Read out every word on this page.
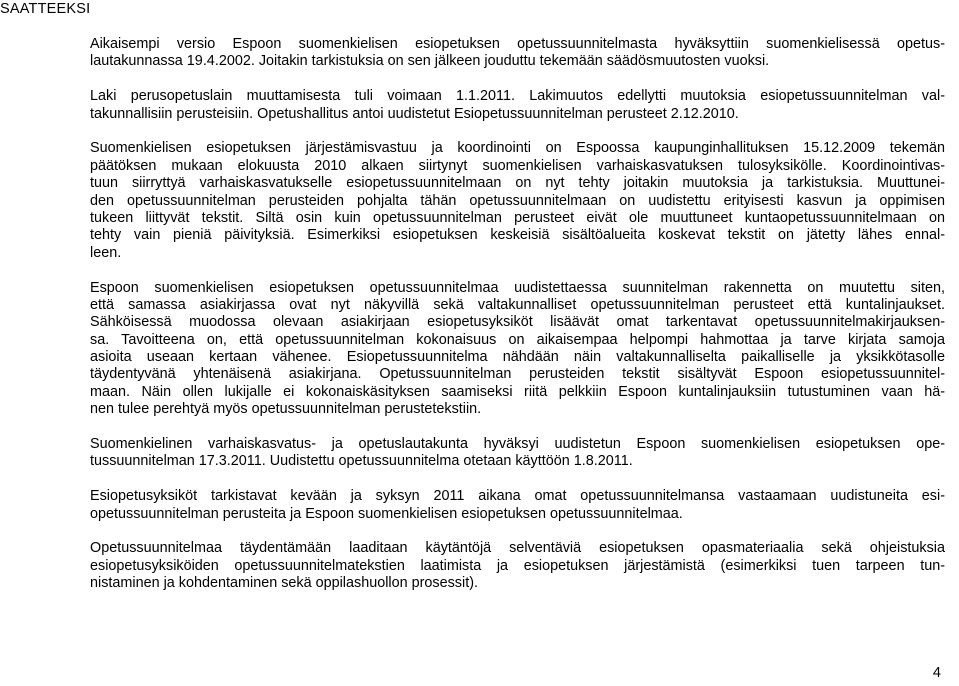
SAATTEEKSI

Aikaisempi versio Espoon suomenkielisen esiopetuksen opetussuunnitelmasta hyväksyttiin suomenkielisessä opetus-
lautakunnassa 19.4.2002. Joitakin tarkistuksia on sen jälkeen jouduttu tekemään säädösmuutosten vuoksi.

Laki perusopetuslain muuttamisesta tuli voimaan 1.1.2011. Lakimuutos edellytti muutoksia esiopetussuunnitelman val-
takunnallisiin perusteisiin. Opetushallitus antoi uudistetut Esiopetussuunnitelman perusteet 2.12.2010.

Suomenkielisen esiopetuksen järjestämisvastuu ja koordinointi on Espoossa kaupunginhallituksen 15.12.2009 tekemän
päätöksen mukaan elokuusta 2010 alkaen siirtynyt suomenkielisen varhaiskasvatuksen tulosyksikölle. Koordinointivas-
tuun siirryttyä varhaiskasvatukselle esiopetussuunnitelmaan on nyt tehty joitakin muutoksia ja tarkistuksia. Muuttunei-
den opetussuunnitelman perusteiden pohjalta tähän opetussuunnitelmaan on uudistettu erityisesti kasvun ja oppimisen
tukeen liittyvät tekstit. Siltä osin kuin opetussuunnitelman perusteet eivät ole muuttuneet kuntaopetussuunnitelmaan on
tehty vain pieniä päivityksiä. Esimerkiksi esiopetuksen keskeisiä sisältöalueita koskevat tekstit on jätetty lähes ennal-
leen.

Espoon suomenkielisen esiopetuksen opetussuunnitelmaa uudistettaessa suunnitelman rakennetta on muutettu siten,
että samassa asiakirjassa ovat nyt näkyvillä sekä valtakunnalliset opetussuunnitelman perusteet että kuntalinjaukset.
Sähköisessä muodossa olevaan asiakirjaan esiopetusyksiköt lisäävät omat tarkentavat opetussuunnitelmakirjauksen-
sa. Tavoitteena on, että opetussuunnitelman kokonaisuus on aikaisempaa helpompi hahmottaa ja tarve kirjata samoja
asioita useaan kertaan vähenee. Esiopetussuunnitelma nähdään näin valtakunnalliselta paikalliselle ja yksikkötasolle
täydentyvänä yhtenäisenä asiakirjana. Opetussuunnitelman perusteiden tekstit sisältyvät Espoon esiopetussuunnitel-
maan. Näin ollen lukijalle ei kokonaiskäsityksen saamiseksi riitä pelkkiin Espoon kuntalinjauksiin tutustuminen vaan hä-
nen tulee perehtyä myös opetussuunnitelman perustetekstiin.

Suomenkielinen varhaiskasvatus- ja opetuslautakunta hyväksyi uudistetun Espoon suomenkielisen esiopetuksen ope-
tussuunnitelman 17.3.2011. Uudistettu opetussuunnitelma otetaan käyttöön 1.8.2011.

Esiopetusyksiköt tarkistavat kevään ja syksyn 2011 aikana omat opetussuunnitelmansa vastaamaan uudistuneita esi-
opetussuunnitelman perusteita ja Espoon suomenkielisen esiopetuksen opetussuunnitelmaa.

Opetussuunnitelmaa täydentämään laaditaan käytäntöjä selventäviä esiopetuksen opasmateriaalia sekä ohjeistuksia
esiopetusyksiköiden opetussuunnitelmatekstien laatimista ja esiopetuksen järjestämistä (esimerkiksi tuen tarpeen tun-
nistaminen ja kohdentaminen sekä oppilashuollon prosessit).

4
